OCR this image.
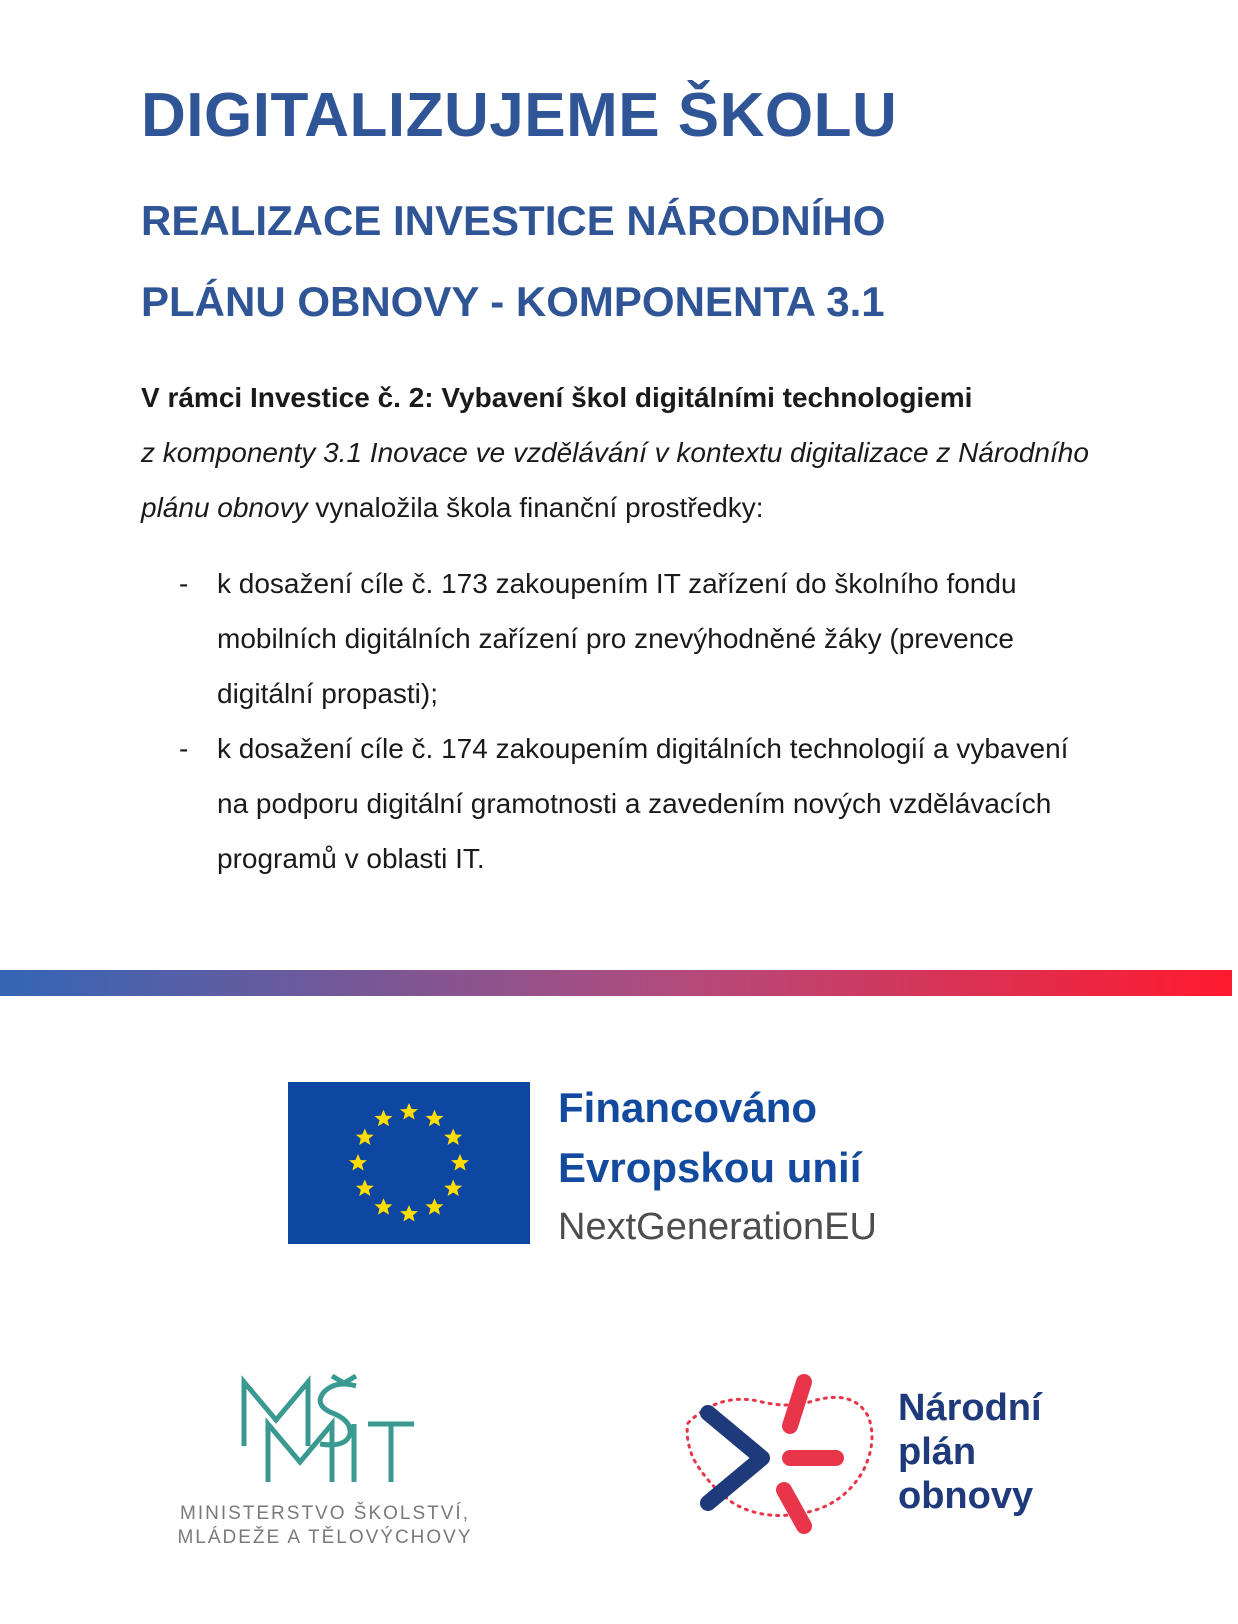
DIGITALIZUJEME ŠKOLU
REALIZACE INVESTICE NÁRODNÍHO
PLÁNU OBNOVY - KOMPONENTA 3.1

V rámci Investice č. 2: Vybavení škol digitálními technologiemi
z komponenty 3.1 Inovace ve vzdělávání v kontextu digitalizace z Národního plánu obnovy vynaložila škola finanční prostředky:

- k dosažení cíle č. 173 zakoupením IT zařízení do školního fondu mobilních digitálních zařízení pro znevýhodněné žáky (prevence digitální propasti);
- k dosažení cíle č. 174 zakoupením digitálních technologií a vybavení na podporu digitální gramotnosti a zavedením nových vzdělávacích programů v oblasti IT.
Financováno
Evropskou unií
NextGenerationEU
MINISTERSTVO ŠKOLSTVÍ,
MLÁDEŽE A TĚLOVÝCHOVY
Národní
plán
obnovy
